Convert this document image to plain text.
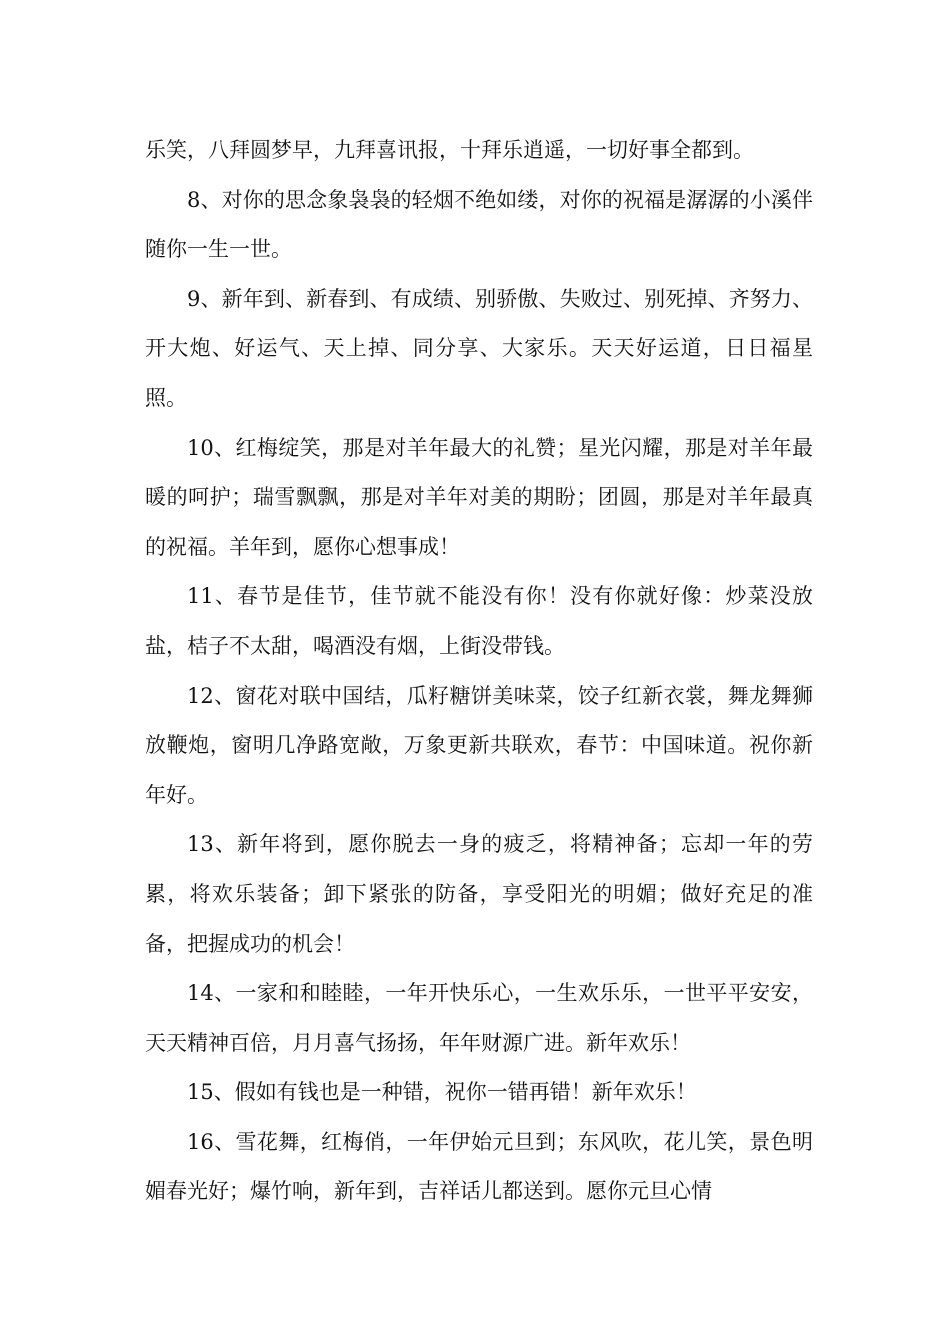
乐笑，八拜圆梦早，九拜喜讯报，十拜乐逍遥，一切好事全都到。

8、对你的思念象袅袅的轻烟不绝如缕，对你的祝福是潺潺的小溪伴随你一生一世。

9、新年到、新春到、有成绩、别骄傲、失败过、别死掉、齐努力、开大炮、好运气、天上掉、同分享、大家乐。天天好运道，日日福星照。

10、红梅绽笑，那是对羊年最大的礼赞；星光闪耀，那是对羊年最暖的呵护；瑞雪飘飘，那是对羊年对美的期盼；团圆，那是对羊年最真的祝福。羊年到，愿你心想事成！

11、春节是佳节，佳节就不能没有你！没有你就好像：炒菜没放盐，桔子不太甜，喝酒没有烟，上街没带钱。

12、窗花对联中国结，瓜籽糖饼美味菜，饺子红新衣裳，舞龙舞狮放鞭炮，窗明几净路宽敞，万象更新共联欢，春节：中国味道。祝你新年好。

13、新年将到，愿你脱去一身的疲乏，将精神备；忘却一年的劳累，将欢乐装备；卸下紧张的防备，享受阳光的明媚；做好充足的准备，把握成功的机会！

14、一家和和睦睦，一年开快乐心，一生欢乐乐，一世平平安安，天天精神百倍，月月喜气扬扬，年年财源广进。新年欢乐！

15、假如有钱也是一种错，祝你一错再错！新年欢乐！

16、雪花舞，红梅俏，一年伊始元旦到；东风吹，花儿笑，景色明媚春光好；爆竹响，新年到，吉祥话儿都送到。愿你元旦心情
